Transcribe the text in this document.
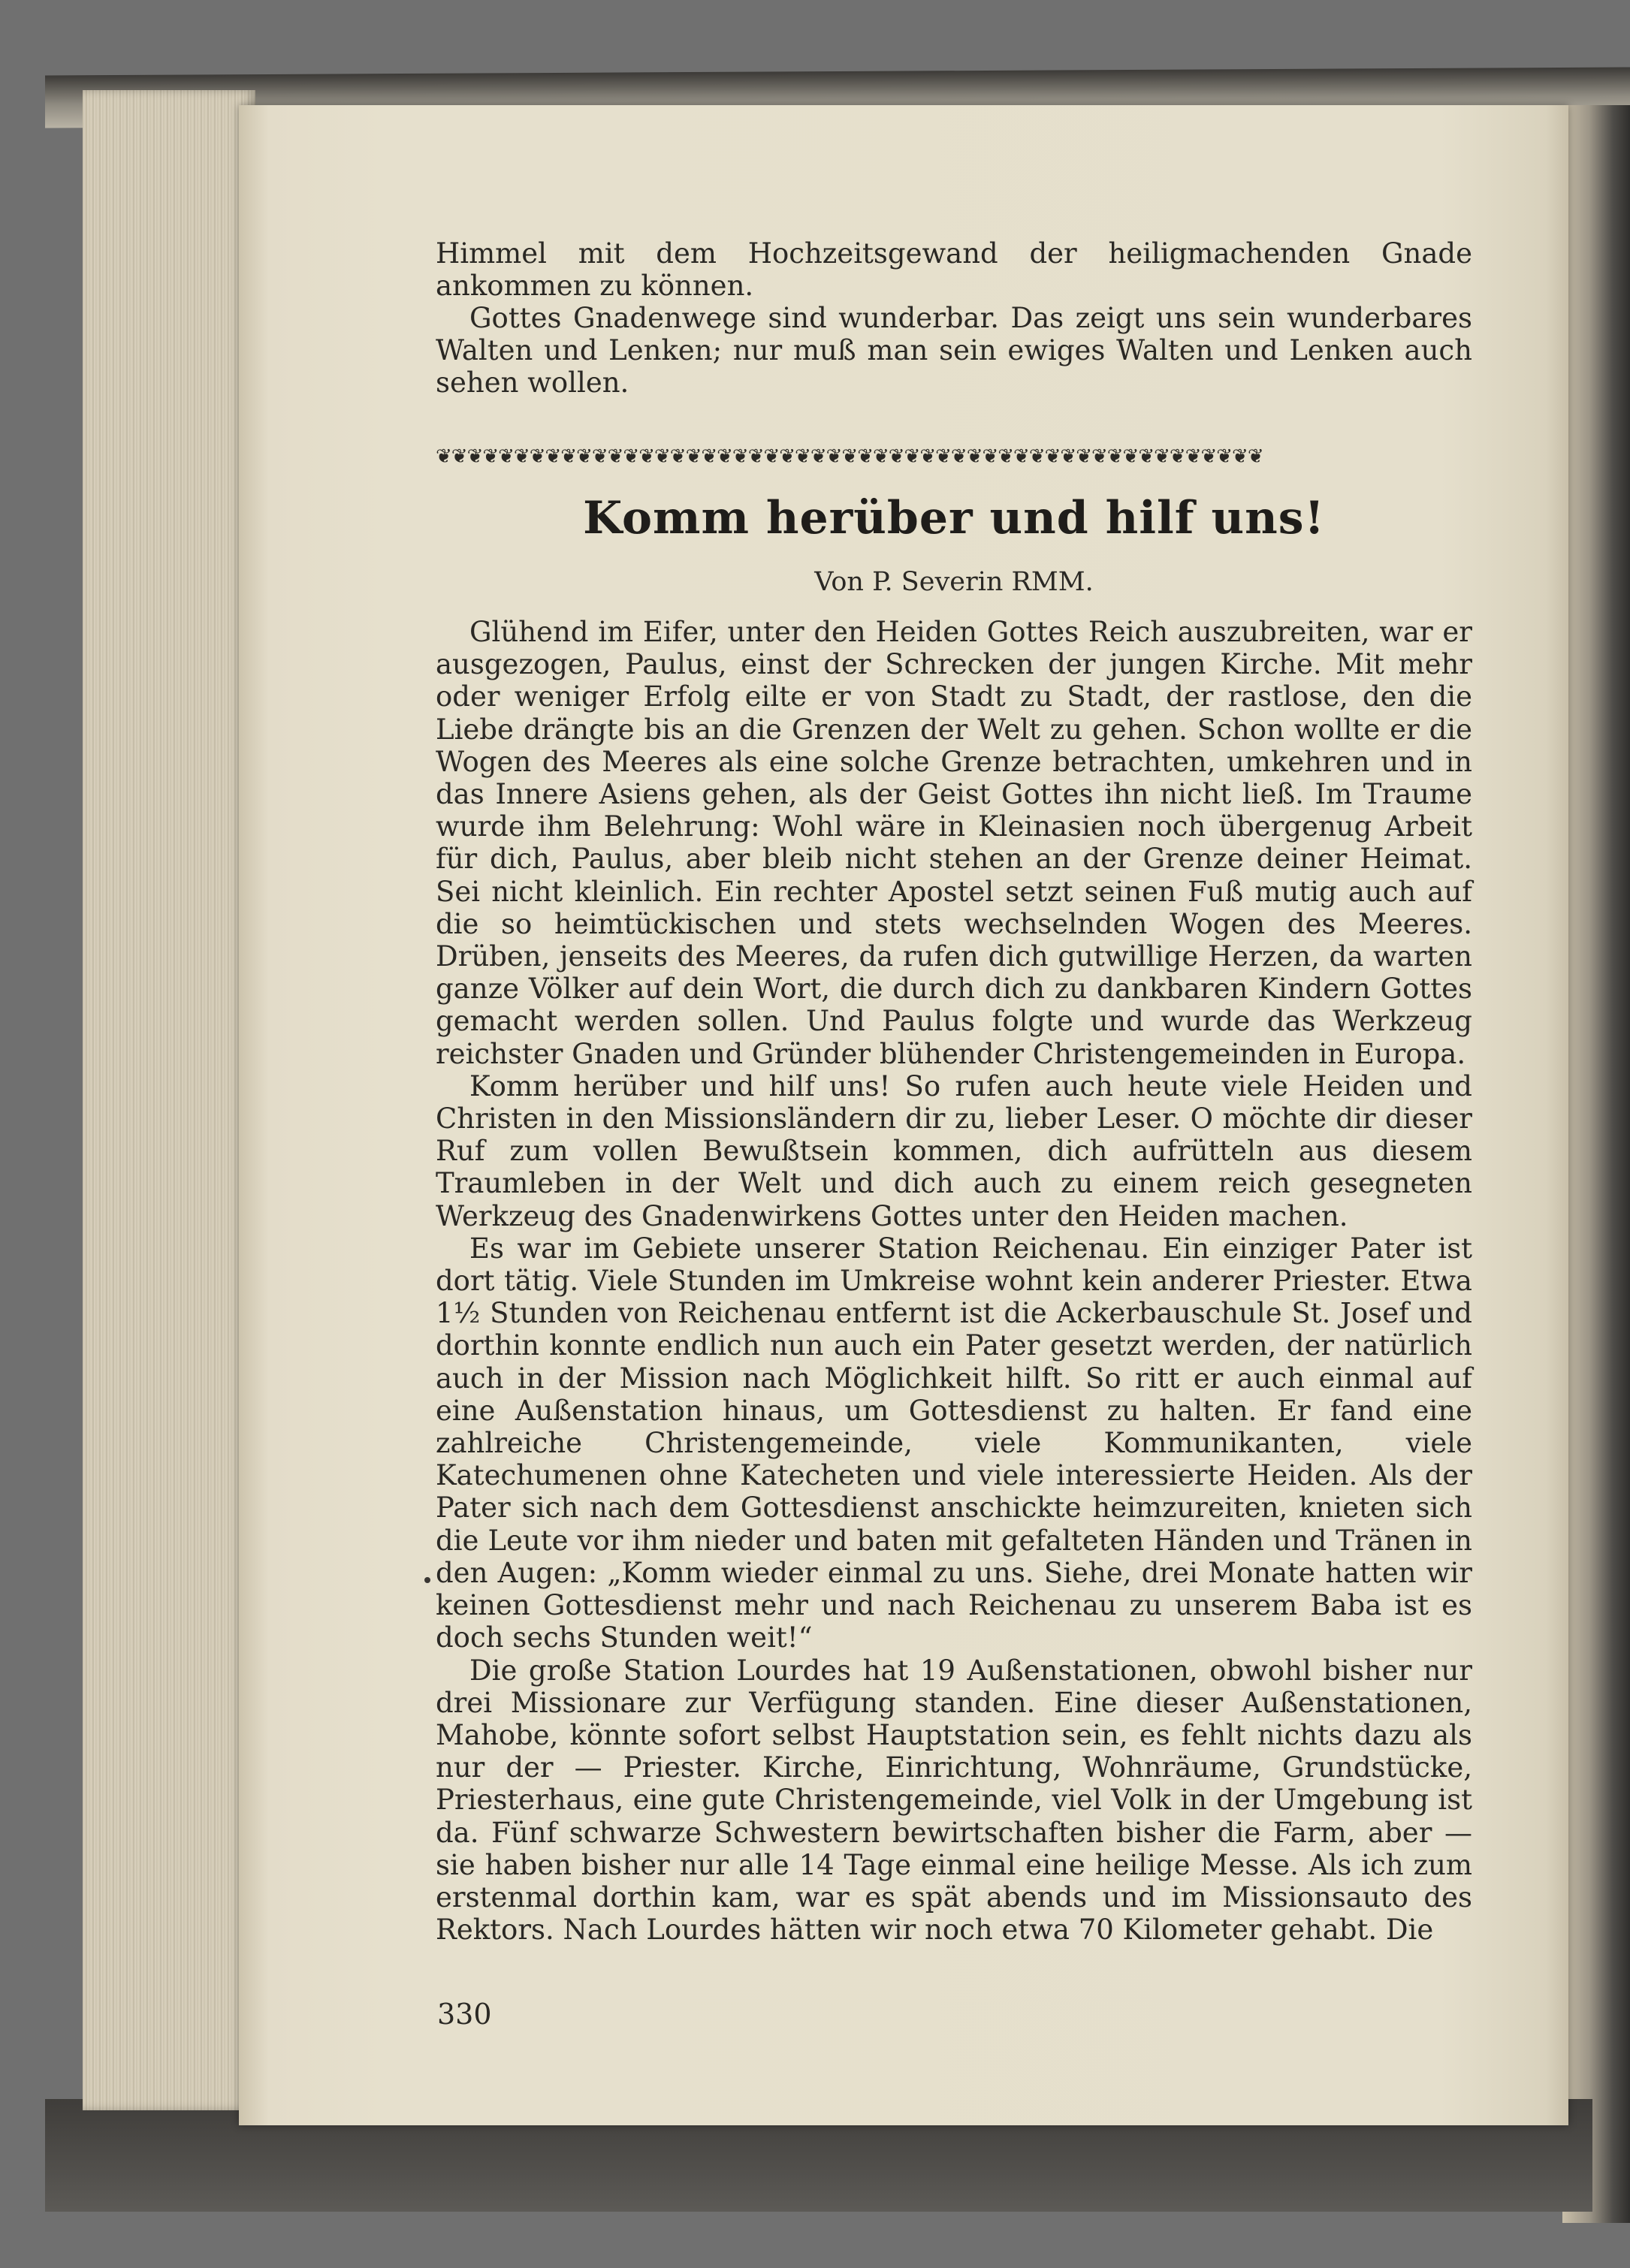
Himmel mit dem Hochzeitsgewand der heiligmachenden Gnade ankommen zu können.

Gottes Gnadenwege sind wunderbar. Das zeigt uns sein wunderbares Walten und Lenken; nur muß man sein ewiges Walten und Lenken auch sehen wollen.

❦❦❦❦❦❦❦❦❦❦❦❦❦❦❦❦❦❦❦❦❦❦❦❦❦❦❦❦❦❦❦❦❦❦❦❦❦❦❦❦❦❦❦❦❦❦❦❦❦❦❦❦❦
Komm herüber und hilf uns!
Von P. Severin RMM.

Glühend im Eifer, unter den Heiden Gottes Reich auszubreiten, war er ausgezogen, Paulus, einst der Schrecken der jungen Kirche. Mit mehr oder weniger Erfolg eilte er von Stadt zu Stadt, der rastlose, den die Liebe drängte bis an die Grenzen der Welt zu gehen. Schon wollte er die Wogen des Meeres als eine solche Grenze betrachten, umkehren und in das Innere Asiens gehen, als der Geist Gottes ihn nicht ließ. Im Traume wurde ihm Belehrung: Wohl wäre in Kleinasien noch übergenug Arbeit für dich, Paulus, aber bleib nicht stehen an der Grenze deiner Heimat. Sei nicht kleinlich. Ein rechter Apostel setzt seinen Fuß mutig auch auf die so heimtückischen und stets wechselnden Wogen des Meeres. Drüben, jenseits des Meeres, da rufen dich gutwillige Herzen, da warten ganze Völker auf dein Wort, die durch dich zu dankbaren Kindern Gottes gemacht werden sollen. Und Paulus folgte und wurde das Werkzeug reichster Gnaden und Gründer blühender Christengemeinden in Europa.

Komm herüber und hilf uns! So rufen auch heute viele Heiden und Christen in den Missionsländern dir zu, lieber Leser. O möchte dir dieser Ruf zum vollen Bewußtsein kommen, dich aufrütteln aus diesem Traumleben in der Welt und dich auch zu einem reich gesegneten Werkzeug des Gnadenwirkens Gottes unter den Heiden machen.

Es war im Gebiete unserer Station Reichenau. Ein einziger Pater ist dort tätig. Viele Stunden im Umkreise wohnt kein anderer Priester. Etwa 1½ Stunden von Reichenau entfernt ist die Ackerbauschule St. Josef und dorthin konnte endlich nun auch ein Pater gesetzt werden, der natürlich auch in der Mission nach Möglichkeit hilft. So ritt er auch einmal auf eine Außenstation hinaus, um Gottesdienst zu halten. Er fand eine zahlreiche Christengemeinde, viele Kommunikanten, viele Katechumenen ohne Katecheten und viele interessierte Heiden. Als der Pater sich nach dem Gottesdienst anschickte heimzureiten, knieten sich die Leute vor ihm nieder und baten mit gefalteten Händen und Tränen in den Augen: „Komm wieder einmal zu uns. Siehe, drei Monate hatten wir keinen Gottesdienst mehr und nach Reichenau zu unserem Baba ist es doch sechs Stunden weit!“

Die große Station Lourdes hat 19 Außenstationen, obwohl bisher nur drei Missionare zur Verfügung standen. Eine dieser Außenstationen, Mahobe, könnte sofort selbst Hauptstation sein, es fehlt nichts dazu als nur der — Priester. Kirche, Einrichtung, Wohnräume, Grundstücke, Priesterhaus, eine gute Christengemeinde, viel Volk in der Umgebung ist da. Fünf schwarze Schwestern bewirtschaften bisher die Farm, aber — sie haben bisher nur alle 14 Tage einmal eine heilige Messe. Als ich zum erstenmal dorthin kam, war es spät abends und im Missionsauto des Rektors. Nach Lourdes hätten wir noch etwa 70 Kilometer gehabt. Die

330
